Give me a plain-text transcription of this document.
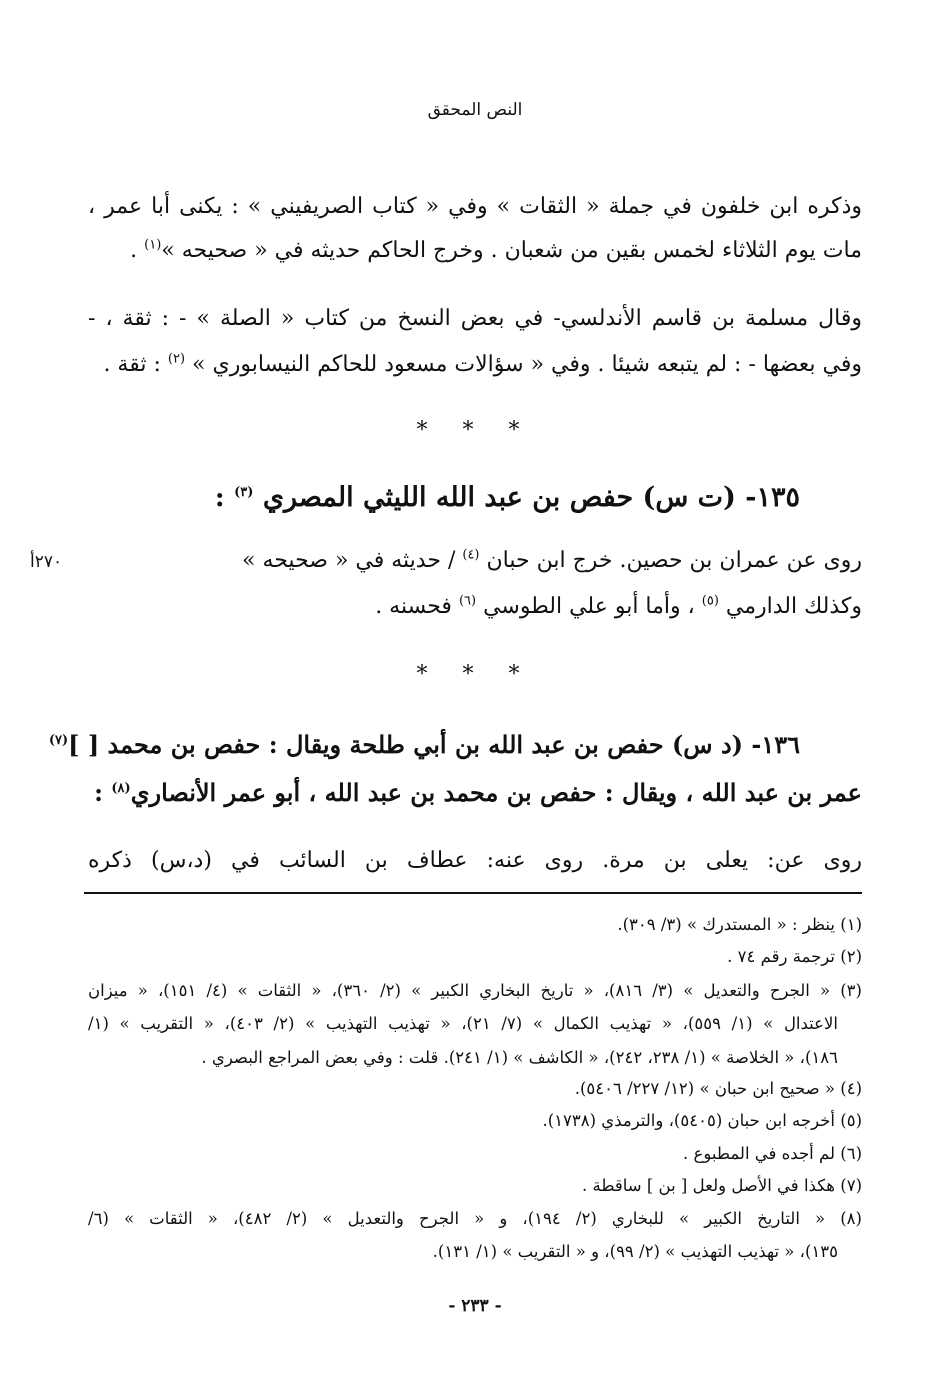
النص المحقق
وذكره ابن خلفون في جملة « الثقات » وفي « كتاب الصريفيني » : يكنى أبا عمر ،
مات يوم الثلاثاء لخمس بقين من شعبان . وخرج الحاكم حديثه في « صحيحه »$^{(١)}$ .
وقال مسلمة بن قاسم الأندلسي- في بعض النسخ من كتاب « الصلة » - : ثقة ، -
وفي بعضها - : لم يتبعه شيئا . وفي « سؤالات مسعود للحاكم النيسابوري » $^{(٢)}$ : ثقة .
* * *
١٣٥- (ت س) حفص بن عبد الله الليثي المصري $^{(٣)}$ :
٢٧٠أ	روى عن عمران بن حصين. خرج ابن حبان $^{(٤)}$ / حديثه في « صحيحه »
وكذلك الدارمي $^{(٥)}$ ، وأما أبو علي الطوسي $^{(٦)}$ فحسنه .
* * *
١٣٦- (د س) حفص بن عبد الله بن أبي طلحة ويقال : حفص بن محمد [ ]$^{(٧)}$
عمر بن عبد الله ، ويقال : حفص بن محمد بن عبد الله ، أبو عمر الأنصاري$^{(٨)}$ :
روى عن: يعلى بن مرة. روى عنه: عطاف بن السائب في (د،س) ذكره
(١) ينظر : « المستدرك » (٣/ ٣٠٩).
(٢) ترجمة رقم ٧٤ .
(٣) « الجرح والتعديل » (٣/ ٨١٦)، « تاريخ البخاري الكبير » (٢/ ٣٦٠)، « الثقات » (٤/ ١٥١)، « ميزان
الاعتدال » (١/ ٥٥٩)، « تهذيب الكمال » (٧/ ٢١)، « تهذيب التهذيب » (٢/ ٤٠٣)، « التقريب » (١/
١٨٦)، « الخلاصة » (١/ ٢٣٨، ٢٤٢)، « الكاشف » (١/ ٢٤١). قلت : وفي بعض المراجع البصري .
(٤) « صحيح ابن حبان » (١٢/ ٢٢٧/ ٥٤٠٦).
(٥) أخرجه ابن حبان (٥٤٠٥)، والترمذي (١٧٣٨).
(٦) لم أجده في المطبوع .
(٧) هكذا في الأصل ولعل [ بن ] ساقطة .
(٨) « التاريخ الكبير » للبخاري (٢/ ١٩٤)، و « الجرح والتعديل » (٢/ ٤٨٢)، « الثقات » (٦/
١٣٥)، « تهذيب التهذيب » (٢/ ٩٩)، و « التقريب » (١/ ١٣١).
- ٢٣٣ -
